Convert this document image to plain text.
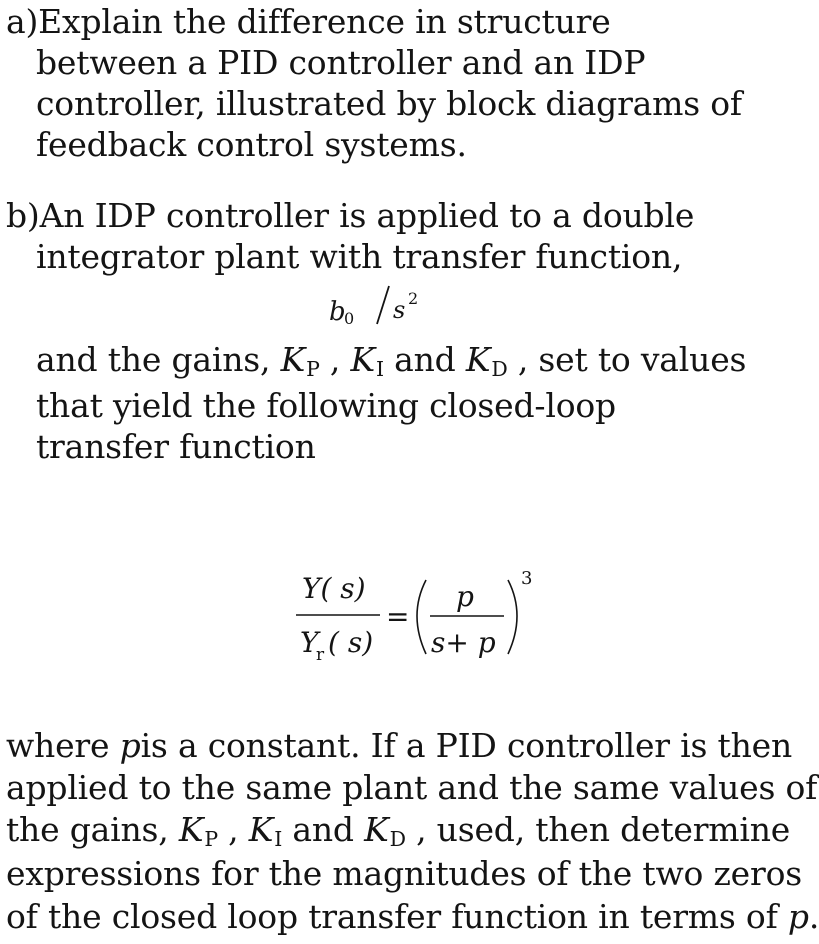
a)Explain the difference in structure
between a PID controller and an IDP
controller, illustrated by block diagrams of
feedback control systems.
b)An IDP controller is applied to a double
integrator plant with transfer function,
b
0 s 2
and the gains, $K_P$ , $K_I$ and $K_D$ , set to values
that yield the following closed-loop
transfer function
Y( s)
Y
r ( s)
=
p
s+ p
3
where pis a constant. If a PID controller is then
applied to the same plant and the same values of
the gains, $K_P$ , $K_I$ and $K_D$ , used, then determine
expressions for the magnitudes of the two zeros
of the closed loop transfer function in terms of p.
